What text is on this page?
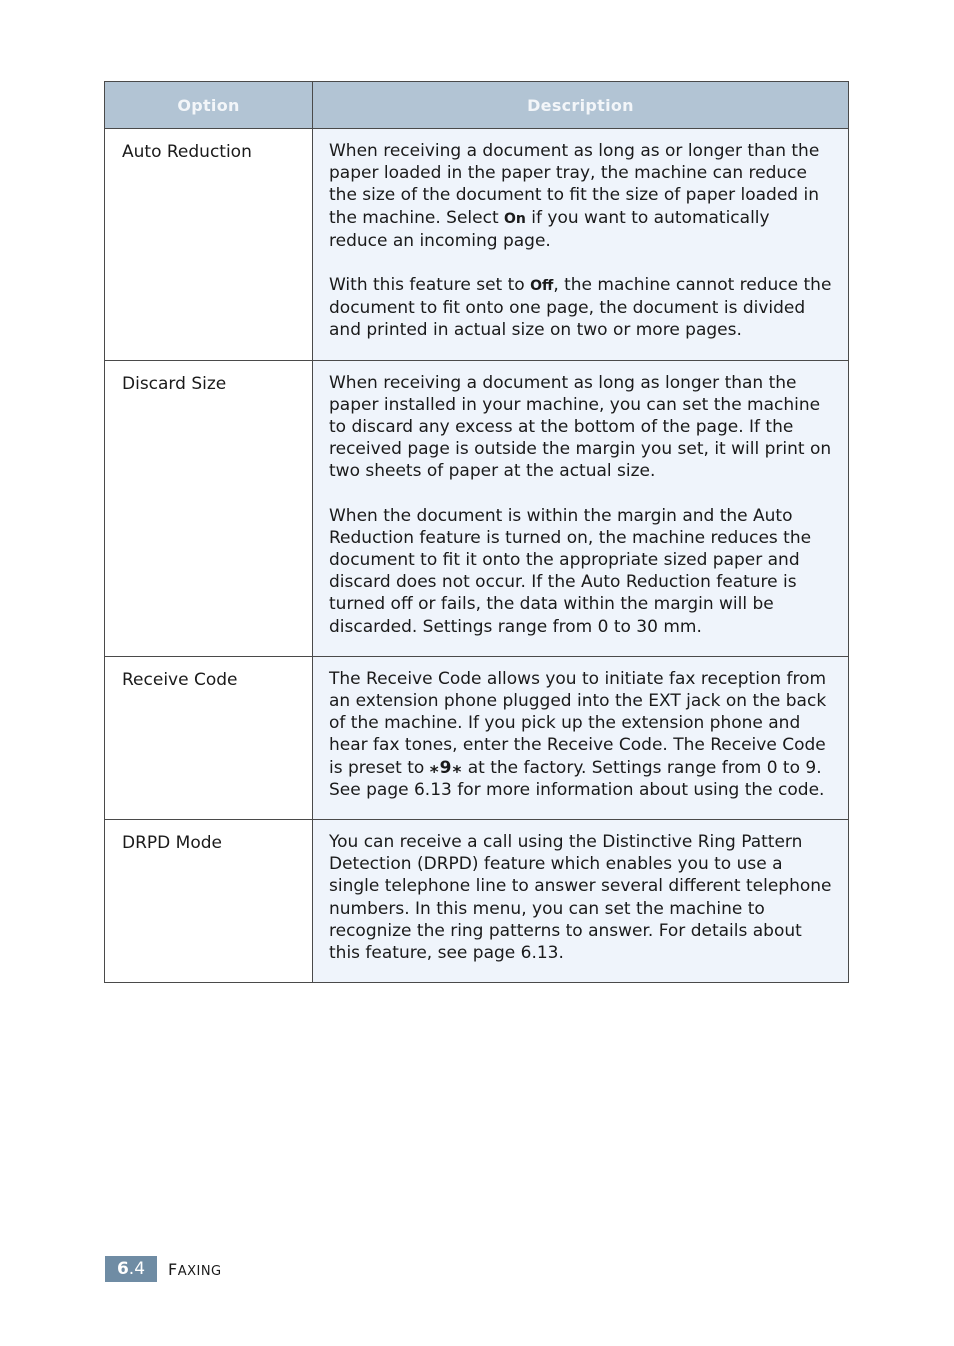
Option	Description
Auto Reduction	When receiving a document as long as or longer than the paper loaded in the paper tray, the machine can reduce the size of the document to fit the size of paper loaded in the machine. Select On if you want to automatically reduce an incoming page.

With this feature set to Off, the machine cannot reduce the document to fit onto one page, the document is divided and printed in actual size on two or more pages.

Discard Size	When receiving a document as long as longer than the paper installed in your machine, you can set the machine to discard any excess at the bottom of the page. If the received page is outside the margin you set, it will print on two sheets of paper at the actual size.

When the document is within the margin and the Auto Reduction feature is turned on, the machine reduces the document to fit it onto the appropriate sized paper and discard does not occur. If the Auto Reduction feature is turned off or fails, the data within the margin will be discarded. Settings range from 0 to 30 mm.

Receive Code	The Receive Code allows you to initiate fax reception from an extension phone plugged into the EXT jack on the back of the machine. If you pick up the extension phone and hear fax tones, enter the Receive Code. The Receive Code is preset to ⁎9⁎ at the factory. Settings range from 0 to 9. See page 6.13 for more information about using the code.

DRPD Mode	You can receive a call using the Distinctive Ring Pattern Detection (DRPD) feature which enables you to use a single telephone line to answer several different telephone numbers. In this menu, you can set the machine to recognize the ring patterns to answer. For details about this feature, see page 6.13.

6 .4 FAXING
